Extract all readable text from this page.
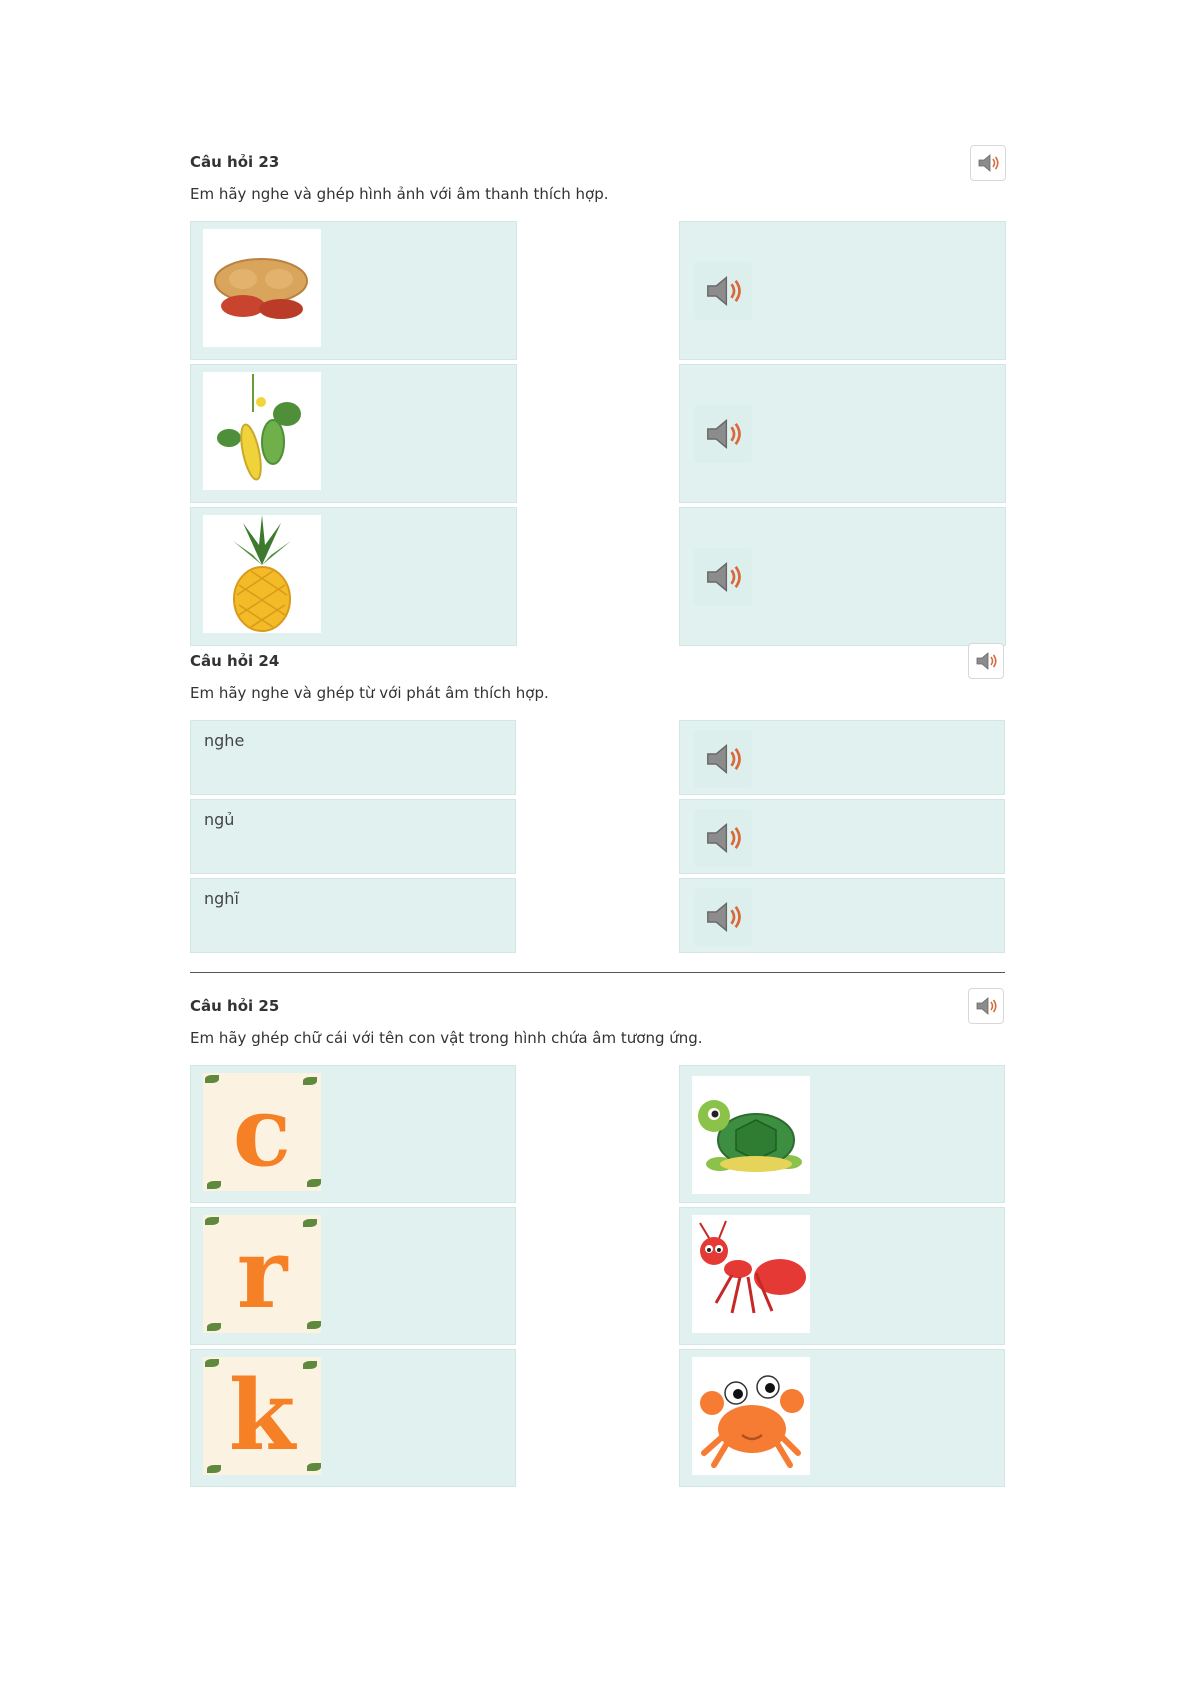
Câu hỏi 23
Em hãy nghe và ghép hình ảnh với âm thanh thích hợp.
Câu hỏi 24
Em hãy nghe và ghép từ với phát âm thích hợp.
nghe
ngủ
nghĩ
Câu hỏi 25
Em hãy ghép chữ cái với tên con vật trong hình chứa âm tương ứng.
c
r
k
